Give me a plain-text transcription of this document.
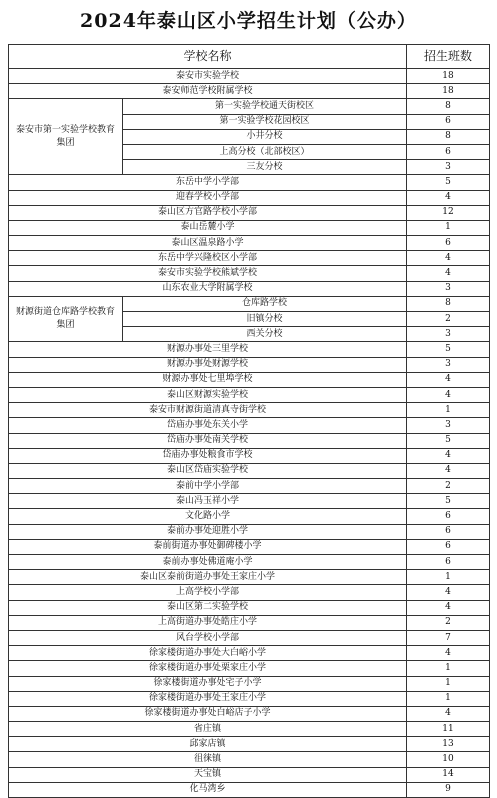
2024年泰山区小学招生计划（公办）
学校名称		招生班数
泰安市实验学校		18
泰安师范学校附属学校		18
泰安市第一实验学校教育集团	第一实验学校通天街校区	8
	第一实验学校花园校区	6
	小井分校	8
	上高分校（北部校区）	6
	三友分校	3
东岳中学小学部		5
迎春学校小学部		4
泰山区方官路学校小学部		12
泰山岳麓小学		1
泰山区温泉路小学		6
东岳中学兴隆校区小学部		4
泰安市实验学校熊斌学校		4
山东农业大学附属学校		3
财源街道仓库路学校教育集团	仓库路学校	8
	旧镇分校	2
	西关分校	3
财源办事处三里学校		5
财源办事处财源学校		3
财源办事处七里埠学校		4
泰山区财源实验学校		4
泰安市财源街道清真寺街学校		1
岱庙办事处东关小学		3
岱庙办事处南关学校		5
岱庙办事处粮食市学校		4
泰山区岱庙实验学校		4
泰前中学小学部		2
泰山冯玉祥小学		5
文化路小学		6
泰前办事处迎胜小学		6
泰前街道办事处御碑楼小学		6
泰前办事处佛道庵小学		6
泰山区泰前街道办事处王家庄小学		1
上高学校小学部		4
泰山区第二实验学校		4
上高街道办事处皓庄小学		2
风台学校小学部		7
徐家楼街道办事处大白峪小学		4
徐家楼街道办事处栗家庄小学		1
徐家楼街道办事处宅子小学		1
徐家楼街道办事处王家庄小学		1
徐家楼街道办事处白峪店子小学		4
省庄镇		11
邱家店镇		13
徂徕镇		10
天宝镇		14
化马湾乡		9
